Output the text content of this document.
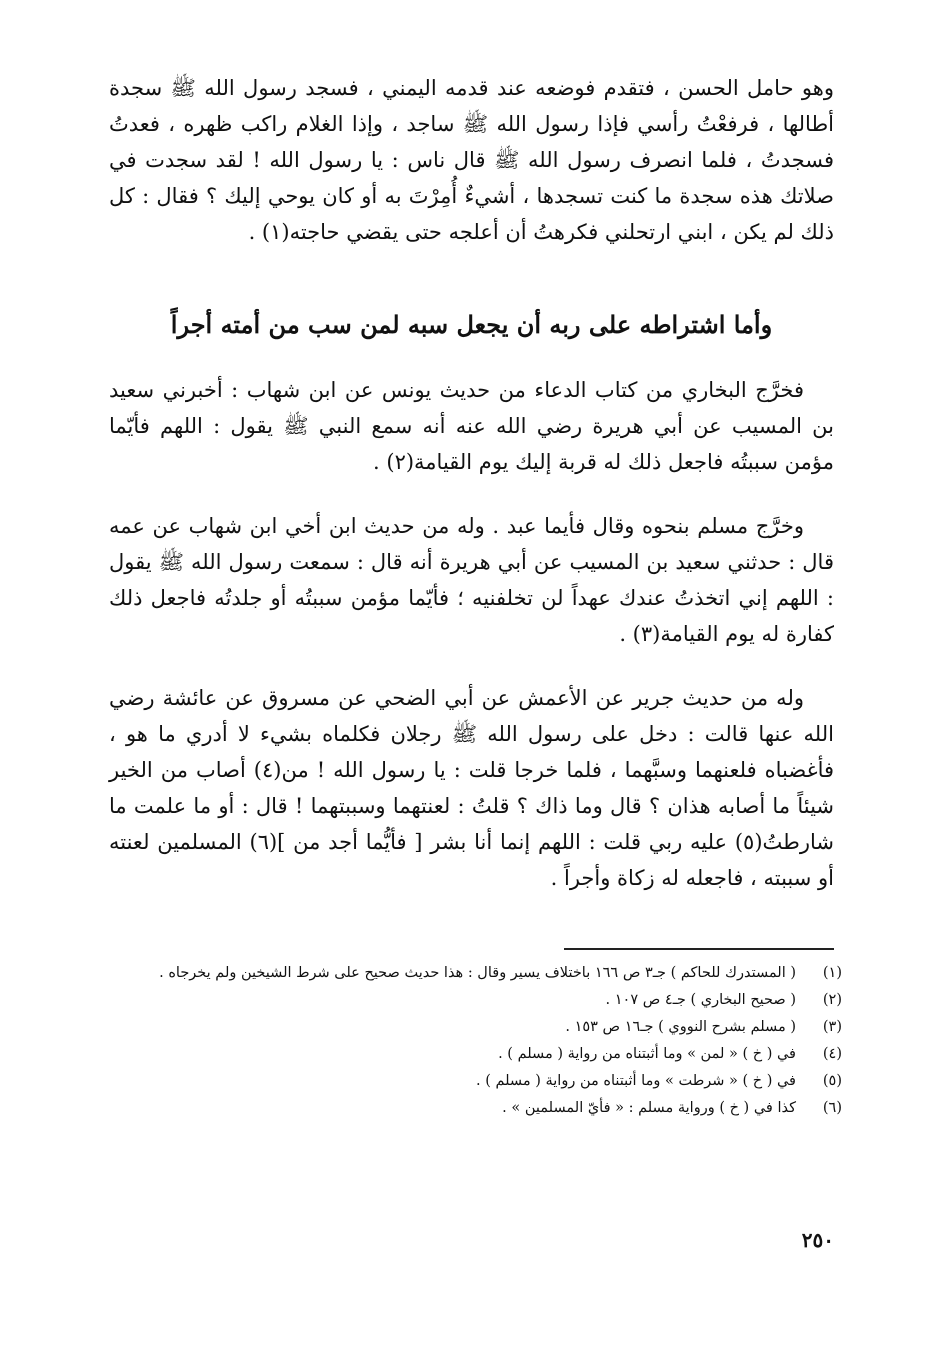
وهو حامل الحسن ، فتقدم فوضعه عند قدمه اليمني ، فسجد رسول الله ﷺ سجدة أطالها ، فرفعْتُ رأسي فإذا رسول الله ﷺ ساجد ، وإذا الغلام راكب ظهره ، فعدتُ فسجدتُ ، فلما انصرف رسول الله ﷺ قال ناس : يا رسول الله ! لقد سجدت في صلاتك هذه سجدة ما كنت تسجدها ، أشيءٌ أُمِرْتَ به أو كان يوحي إليك ؟ فقال : كل ذلك لم يكن ، ابني ارتحلني فكرهتُ أن أعلجه حتى يقضي حاجته(١) .
وأما اشتراطه على ربه أن يجعل سبه لمن سب من أمته أجراً
فخرَّج البخاري من كتاب الدعاء من حديث يونس عن ابن شهاب : أخبرني سعيد بن المسيب عن أبي هريرة رضي الله عنه أنه سمع النبي ﷺ يقول : اللهم فأيّما مؤمن سببتُه فاجعل ذلك له قربة إليك يوم القيامة(٢) .
وخرَّج مسلم بنحوه وقال فأيما عبد . وله من حديث ابن أخي ابن شهاب عن عمه قال : حدثني سعيد بن المسيب عن أبي هريرة أنه قال : سمعت رسول الله ﷺ يقول : اللهم إني اتخذتُ عندك عهداً لن تخلفنيه ؛ فأيّما مؤمن سببتُه أو جلدتُه فاجعل ذلك كفارة له يوم القيامة(٣) .
وله من حديث جرير عن الأعمش عن أبي الضحي عن مسروق عن عائشة رضي الله عنها قالت : دخل على رسول الله ﷺ رجلان فكلماه بشيء لا أدري ما هو ، فأغضباه فلعنهما وسبَّهما ، فلما خرجا قلت : يا رسول الله ! من(٤) أصاب من الخير شيئاً ما أصابه هذان ؟ قال وما ذاك ؟ قلتُ : لعنتهما وسببتهما ! قال : أو ما علمت ما شارطتُ(٥) عليه ربي قلت : اللهم إنما أنا بشر [ فأيُّما أجد من ](٦) المسلمين لعنته أو سببته ، فاجعله له زكاة وأجراً .
(١)
( المستدرك للحاكم ) جـ٣ ص ١٦٦ باختلاف يسير وقال : هذا حديث صحيح على شرط الشيخين ولم يخرجاه .
(٢)
( صحيح البخاري ) جـ٤ ص ١٠٧ .
(٣)
( مسلم بشرح النووي ) جـ١٦ ص ١٥٣ .
(٤)
في ( خ ) « لمن » وما أثبتناه من رواية ( مسلم ) .
(٥)
في ( خ ) « شرطت » وما أثبتناه من رواية ( مسلم ) .
(٦)
كذا في ( خ ) ورواية مسلم : « فأيّ المسلمين » .
٢٥٠
